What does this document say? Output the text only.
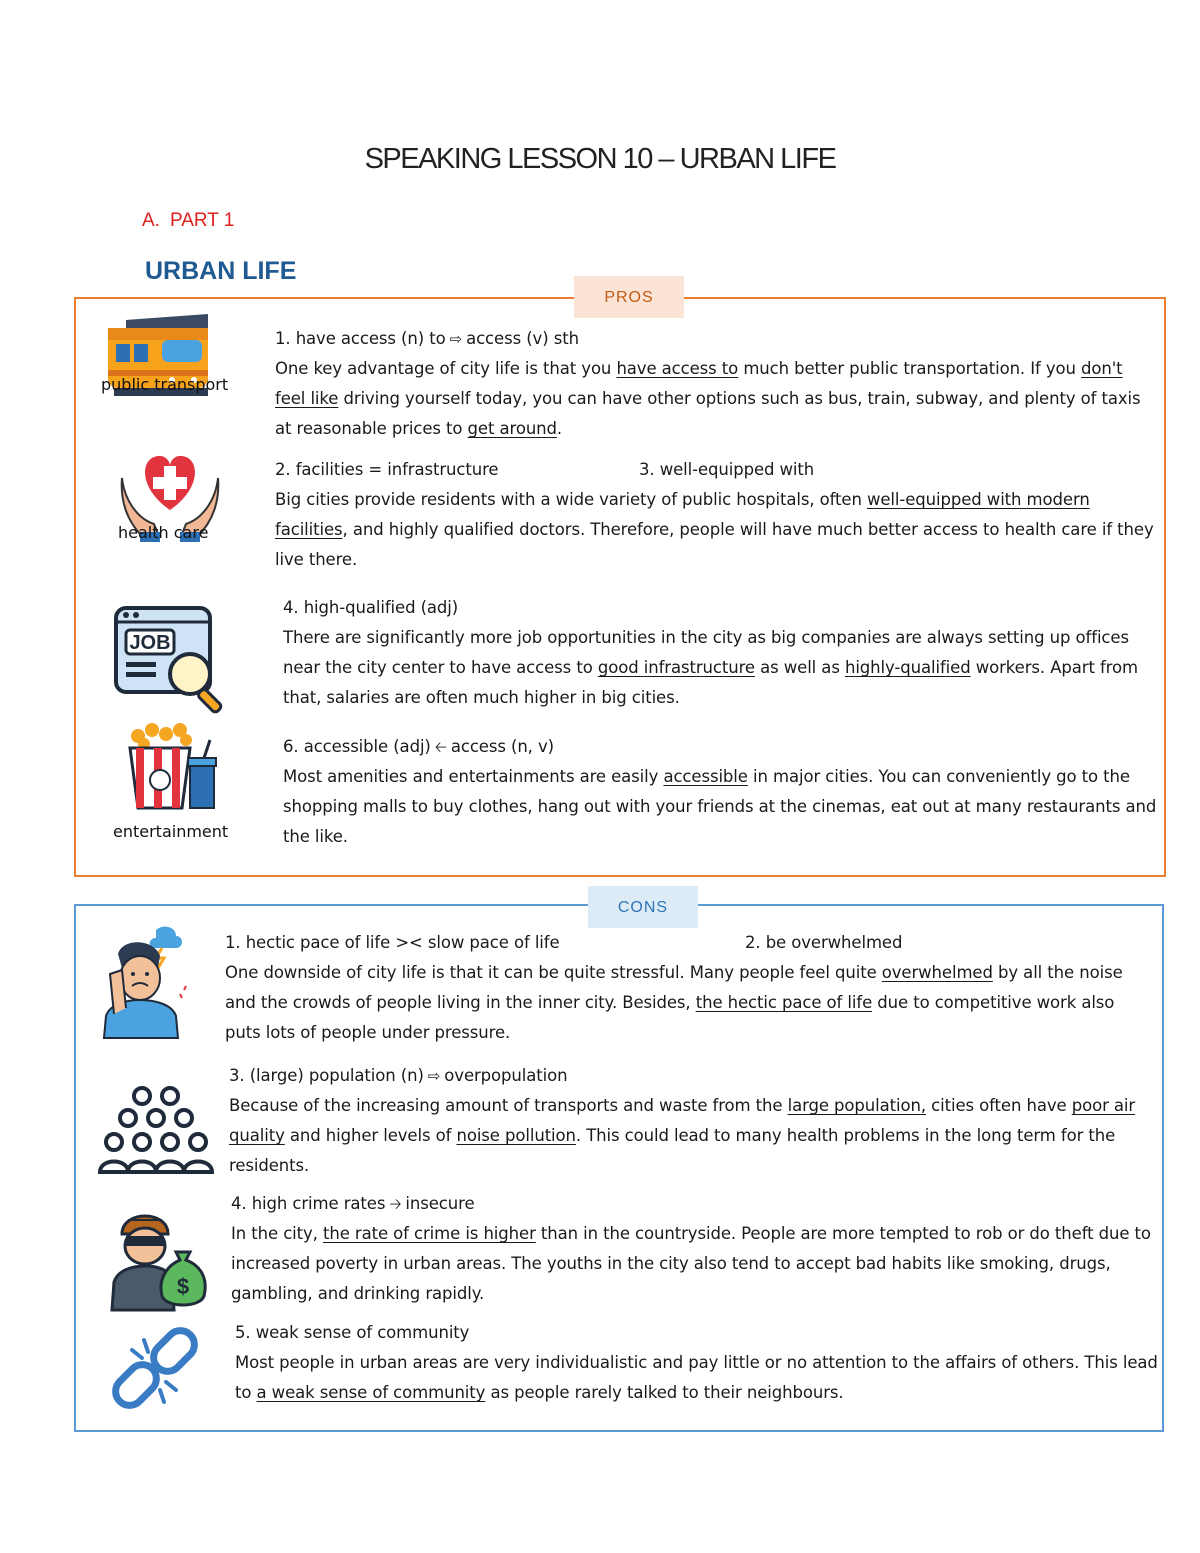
SPEAKING LESSON 10 – URBAN LIFE
A. PART 1
URBAN LIFE
PROS
public transport
1. have access (n) to ⇨ access (v) sth
One key advantage of city life is that you have access to much better public transportation. If you don't feel like driving yourself today, you can have other options such as bus, train, subway, and plenty of taxis at reasonable prices to get around.
health care
2. facilities = infrastructure	3. well-equipped with
Big cities provide residents with a wide variety of public hospitals, often well-equipped with modern facilities, and highly qualified doctors. Therefore, people will have much better access to health care if they live there.
JOB
4. high-qualified (adj)
There are significantly more job opportunities in the city as big companies are always setting up offices near the city center to have access to good infrastructure as well as highly-qualified workers. Apart from that, salaries are often much higher in big cities.
entertainment
6. accessible (adj) 🡠 access (n, v)
Most amenities and entertainments are easily accessible in major cities. You can conveniently go to the shopping malls to buy clothes, hang out with your friends at the cinemas, eat out at many restaurants and the like.
CONS
1. hectic pace of life >< slow pace of life	2. be overwhelmed
One downside of city life is that it can be quite stressful. Many people feel quite overwhelmed by all the noise and the crowds of people living in the inner city. Besides, the hectic pace of life due to competitive work also puts lots of people under pressure.
3. (large) population (n) ⇨ overpopulation
Because of the increasing amount of transports and waste from the large population, cities often have poor air quality and higher levels of noise pollution. This could lead to many health problems in the long term for the residents.
$
4. high crime rates 🡢 insecure
In the city, the rate of crime is higher than in the countryside. People are more tempted to rob or do theft due to increased poverty in urban areas. The youths in the city also tend to accept bad habits like smoking, drugs, gambling, and drinking rapidly.
5. weak sense of community
Most people in urban areas are very individualistic and pay little or no attention to the affairs of others. This lead to a weak sense of community as people rarely talked to their neighbours.
